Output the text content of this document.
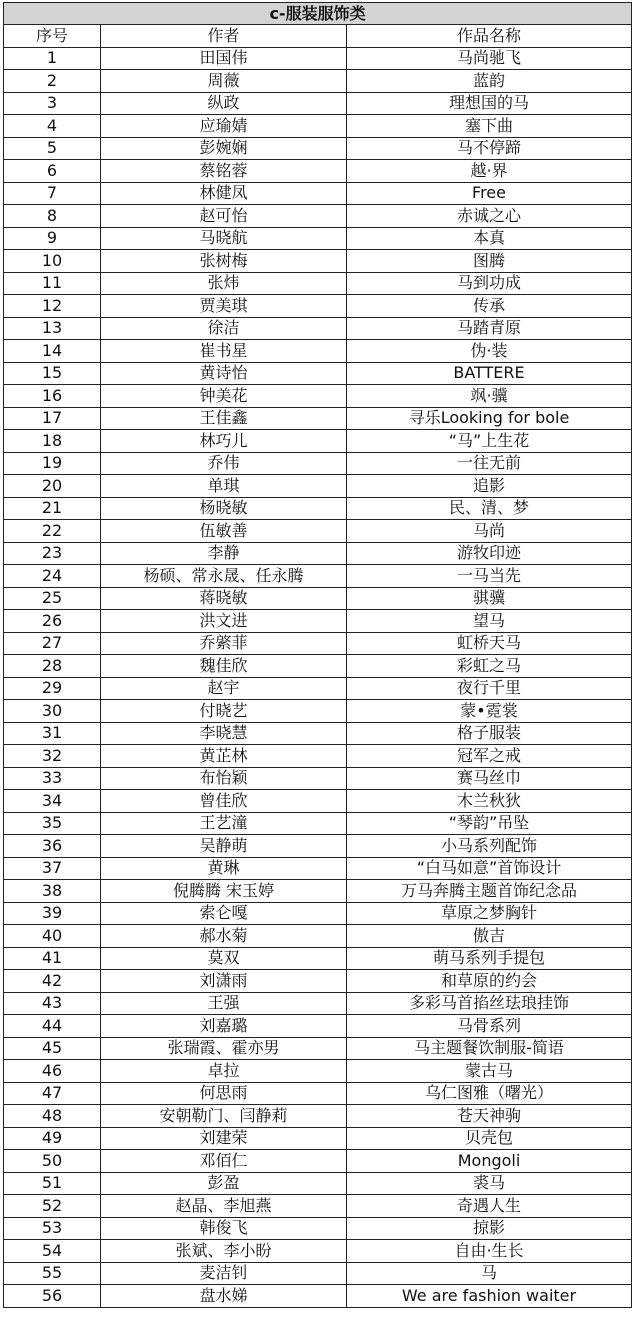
c-服装服饰类		
序号	作者	作品名称
1	田国伟	马尚驰飞
2	周薇	蓝韵
3	纵政	理想国的马
4	应瑜婧	塞下曲
5	彭婉娴	马不停蹄
6	蔡铭蓉	越·界
7	林健凤	Free
8	赵可怡	赤诚之心
9	马晓航	本真
10	张树梅	图腾
11	张炜	马到功成
12	贾美琪	传承
13	徐洁	马踏青原
14	崔书星	伪·装
15	黄诗怡	BATTERE
16	钟美花	飒·骥
17	王佳鑫	寻乐Looking for bole
18	林巧儿	“马”上生花
19	乔伟	一往无前
20	单琪	追影
21	杨晓敏	民、清、梦
22	伍敏善	马尚
23	李静	游牧印迹
24	杨硕、常永晟、任永腾	一马当先
25	蒋晓敏	骐骥
26	洪文进	望马
27	乔綮菲	虹桥天马
28	魏佳欣	彩虹之马
29	赵宇	夜行千里
30	付晓艺	蒙•霓裳
31	李晓慧	格子服装
32	黄芷林	冠军之戒
33	布怡颖	赛马丝巾
34	曾佳欣	木兰秋狄
35	王艺潼	“琴韵”吊坠
36	吴静萌	小马系列配饰
37	黄琳	“白马如意”首饰设计
38	倪腾腾 宋玉婷	万马奔腾主题首饰纪念品
39	索仑嘎	草原之梦胸针
40	郝水菊	傲吉
41	莫双	萌马系列手提包
42	刘潇雨	和草原的约会
43	王强	多彩马首掐丝珐琅挂饰
44	刘嘉璐	马骨系列
45	张瑞霞、霍亦男	马主题餐饮制服-简语
46	卓拉	蒙古马
47	何思雨	乌仁图雅（曙光）
48	安朝勒门、闫静莉	苍天神驹
49	刘建荣	贝壳包
50	邓佰仁	Mongoli
51	彭盈	裘马
52	赵晶、李旭燕	奇遇人生
53	韩俊飞	掠影
54	张斌、李小盼	自由·生长
55	麦洁钊	马
56	盘水娣	We are fashion waiter
